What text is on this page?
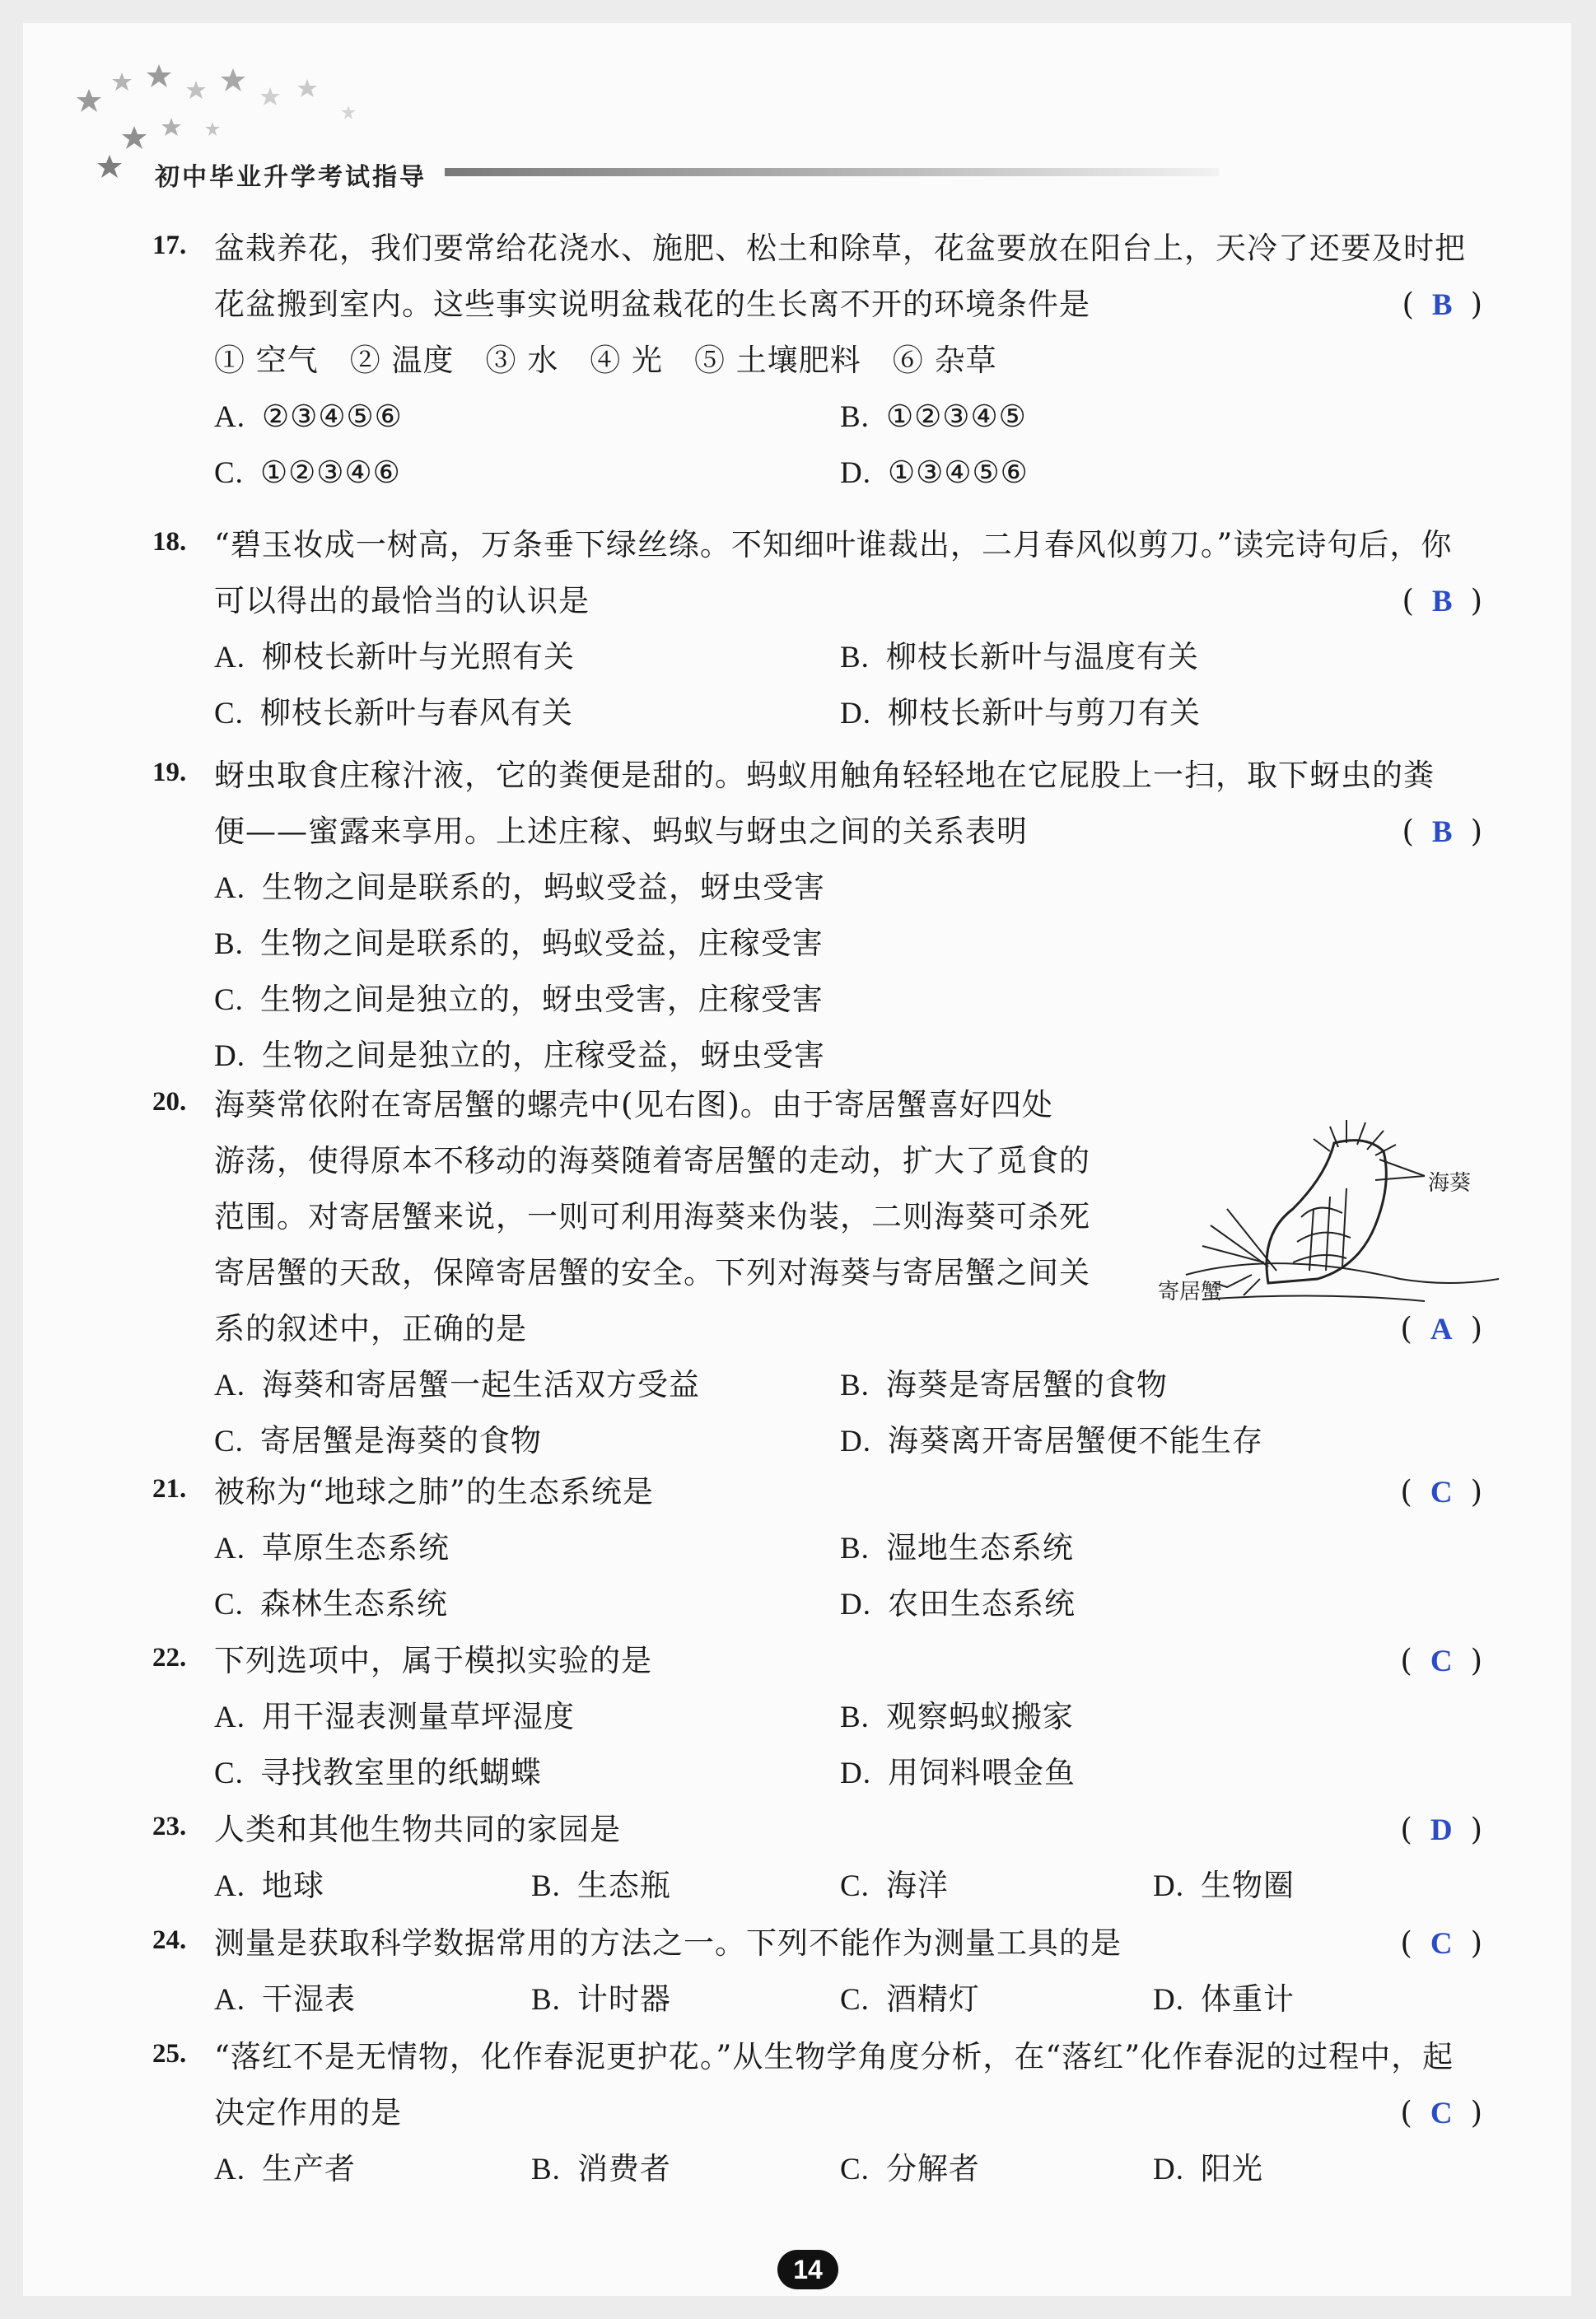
初中毕业升学考试指导
17. 盆栽养花，我们要常给花浇水、施肥、松土和除草，花盆要放在阳台上，天冷了还要及时把
花盆搬到室内。这些事实说明盆栽花的生长离不开的环境条件是
① 空气　② 温度　③ 水　④ 光　⑤ 土壤肥料　⑥ 杂草
( B )
A. ②③④⑤⑥	B. ①②③④⑤
C. ①②③④⑥	D. ①③④⑤⑥
18. “碧玉妆成一树高，万条垂下绿丝绦。不知细叶谁裁出，二月春风似剪刀。”读完诗句后，你
可以得出的最恰当的认识是	( B )
A. 柳枝长新叶与光照有关	B. 柳枝长新叶与温度有关
C. 柳枝长新叶与春风有关	D. 柳枝长新叶与剪刀有关
19. 蚜虫取食庄稼汁液，它的粪便是甜的。蚂蚁用触角轻轻地在它屁股上一扫，取下蚜虫的粪
便——蜜露来享用。上述庄稼、蚂蚁与蚜虫之间的关系表明	( B )
A. 生物之间是联系的，蚂蚁受益，蚜虫受害
B. 生物之间是联系的，蚂蚁受益，庄稼受害
C. 生物之间是独立的，蚜虫受害，庄稼受害
D. 生物之间是独立的，庄稼受益，蚜虫受害
20. 海葵常依附在寄居蟹的螺壳中(见右图)。由于寄居蟹喜好四处
游荡，使得原本不移动的海葵随着寄居蟹的走动，扩大了觅食的
范围。对寄居蟹来说，一则可利用海葵来伪装，二则海葵可杀死
寄居蟹的天敌，保障寄居蟹的安全。下列对海葵与寄居蟹之间关
系的叙述中，正确的是	( A )
A. 海葵和寄居蟹一起生活双方受益	B. 海葵是寄居蟹的食物
C. 寄居蟹是海葵的食物	D. 海葵离开寄居蟹便不能生存
21. 被称为“地球之肺”的生态系统是	( C )
A. 草原生态系统	B. 湿地生态系统
C. 森林生态系统	D. 农田生态系统
22. 下列选项中，属于模拟实验的是	( C )
A. 用干湿表测量草坪湿度	B. 观察蚂蚁搬家
C. 寻找教室里的纸蝴蝶	D. 用饲料喂金鱼
23. 人类和其他生物共同的家园是	( D )
A. 地球	B. 生态瓶	C. 海洋	D. 生物圈
24. 测量是获取科学数据常用的方法之一。下列不能作为测量工具的是	( C )
A. 干湿表	B. 计时器	C. 酒精灯	D. 体重计
25. “落红不是无情物，化作春泥更护花。”从生物学角度分析，在“落红”化作春泥的过程中，起
决定作用的是	( C )
A. 生产者	B. 消费者	C. 分解者	D. 阳光
海葵
寄居蟹
14
